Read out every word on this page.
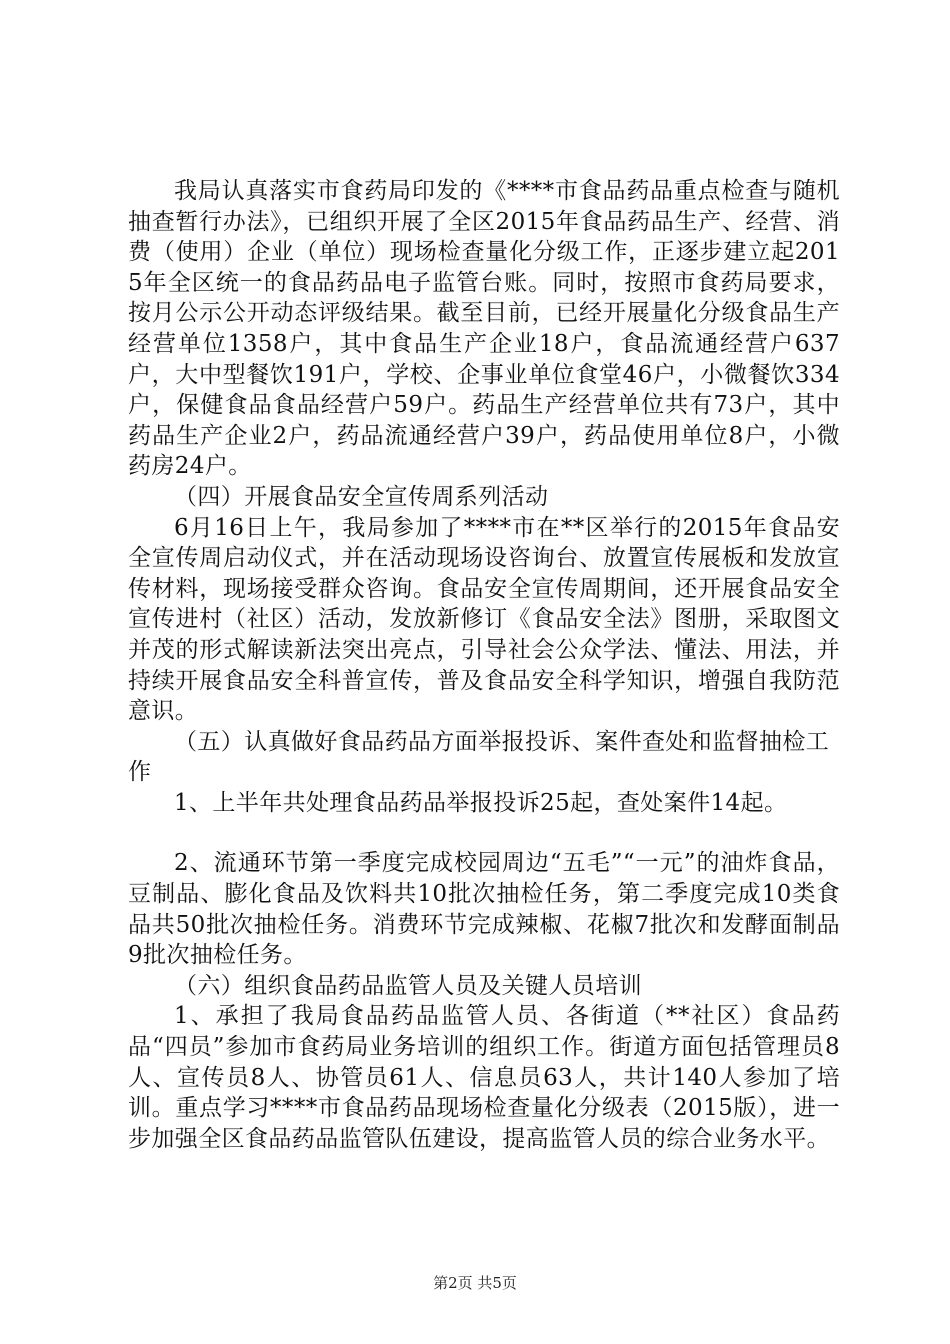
我局认真落实市食药局印发的《****市食品药品重点检查与随机抽查暂行办法》，已组织开展了全区2015年食品药品生产、经营、消费（使用）企业（单位）现场检查量化分级工作，正逐步建立起2015年全区统一的食品药品电子监管台账。同时，按照市食药局要求，按月公示公开动态评级结果。截至目前，已经开展量化分级食品生产经营单位1358户，其中食品生产企业18户，食品流通经营户637户，大中型餐饮191户，学校、企事业单位食堂46户，小微餐饮334户，保健食品食品经营户59户。药品生产经营单位共有73户，其中药品生产企业2户，药品流通经营户39户，药品使用单位8户，小微药房24户。

（四）开展食品安全宣传周系列活动

6月16日上午，我局参加了****市在**区举行的2015年食品安全宣传周启动仪式，并在活动现场设咨询台、放置宣传展板和发放宣传材料，现场接受群众咨询。食品安全宣传周期间，还开展食品安全宣传进村（社区）活动，发放新修订《食品安全法》图册，采取图文并茂的形式解读新法突出亮点，引导社会公众学法、懂法、用法，并持续开展食品安全科普宣传，普及食品安全科学知识，增强自我防范意识。

（五）认真做好食品药品方面举报投诉、案件查处和监督抽检工作

1、上半年共处理食品药品举报投诉25起，查处案件14起。

2、流通环节第一季度完成校园周边“五毛”“一元”的油炸食品，豆制品、膨化食品及饮料共10批次抽检任务，第二季度完成10类食品共50批次抽检任务。消费环节完成辣椒、花椒7批次和发酵面制品9批次抽检任务。

（六）组织食品药品监管人员及关键人员培训

1、承担了我局食品药品监管人员、各街道（**社区）食品药品“四员”参加市食药局业务培训的组织工作。街道方面包括管理员8人、宣传员8人、协管员61人、信息员63人，共计140人参加了培训。重点学习****市食品药品现场检查量化分级表（2015版），进一步加强全区食品药品监管队伍建设，提高监管人员的综合业务水平。

第2页 共5页
